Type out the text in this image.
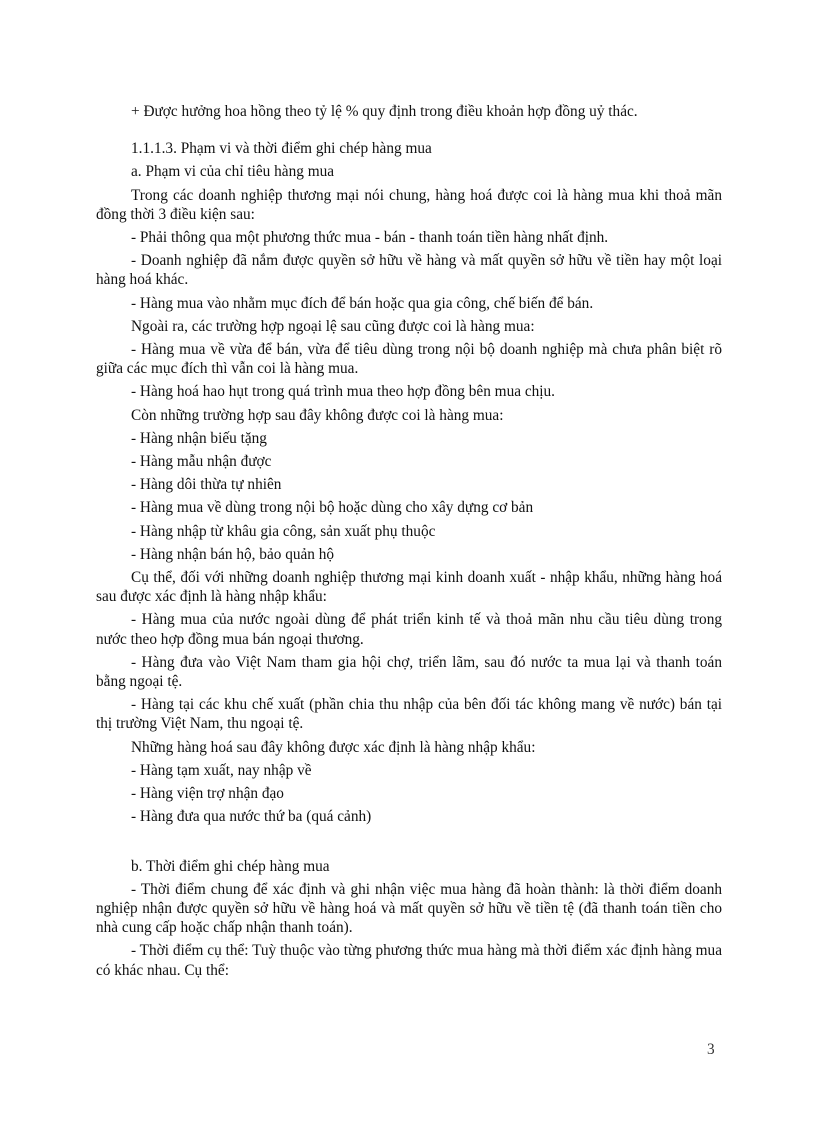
+ Được hưởng hoa hồng theo tỷ lệ % quy định trong điều khoản hợp đồng uỷ thác.

1.1.1.3. Phạm vi và thời điểm ghi chép hàng mua

a. Phạm vi của chỉ tiêu hàng mua

Trong các doanh nghiệp thương mại nói chung, hàng hoá được coi là hàng mua khi thoả mãn đồng thời 3 điều kiện sau:

- Phải thông qua một phương thức mua - bán - thanh toán tiền hàng nhất định.

- Doanh nghiệp đã nắm được quyền sở hữu về hàng và mất quyền sở hữu về tiền hay một loại hàng hoá khác.

- Hàng mua vào nhằm mục đích để bán hoặc qua gia công, chế biến để bán.

Ngoài ra, các trường hợp ngoại lệ sau cũng được coi là hàng mua:

- Hàng mua về vừa để bán, vừa để tiêu dùng trong nội bộ doanh nghiệp mà chưa phân biệt rõ giữa các mục đích thì vẫn coi là hàng mua.

- Hàng hoá hao hụt trong quá trình mua theo hợp đồng bên mua chịu.

Còn những trường hợp sau đây không được coi là hàng mua:

- Hàng nhận biếu tặng

- Hàng mẫu nhận được

- Hàng dôi thừa tự nhiên

- Hàng mua về dùng trong nội bộ hoặc dùng cho xây dựng cơ bản

- Hàng nhập từ khâu gia công, sản xuất phụ thuộc

- Hàng nhận bán hộ, bảo quản hộ

Cụ thể, đối với những doanh nghiệp thương mại kinh doanh xuất - nhập khẩu, những hàng hoá sau được xác định là hàng nhập khẩu:

- Hàng mua của nước ngoài dùng để phát triển kinh tế và thoả mãn nhu cầu tiêu dùng trong nước theo hợp đồng mua bán ngoại thương.

- Hàng đưa vào Việt Nam tham gia hội chợ, triển lãm, sau đó nước ta mua lại và thanh toán bằng ngoại tệ.

- Hàng tại các khu chế xuất (phần chia thu nhập của bên đối tác không mang về nước) bán tại thị trường Việt Nam, thu ngoại tệ.

Những hàng hoá sau đây không được xác định là hàng nhập khẩu:

- Hàng tạm xuất, nay nhập về

- Hàng viện trợ nhận đạo

- Hàng đưa qua nước thứ ba (quá cảnh)

b. Thời điểm ghi chép hàng mua

- Thời điểm chung để xác định và ghi nhận việc mua hàng đã hoàn thành: là thời điểm doanh nghiệp nhận được quyền sở hữu về hàng hoá và mất quyền sở hữu về tiền tệ (đã thanh toán tiền cho nhà cung cấp hoặc chấp nhận thanh toán).

- Thời điểm cụ thể: Tuỳ thuộc vào từng phương thức mua hàng mà thời điểm xác định hàng mua có khác nhau. Cụ thể:

3
